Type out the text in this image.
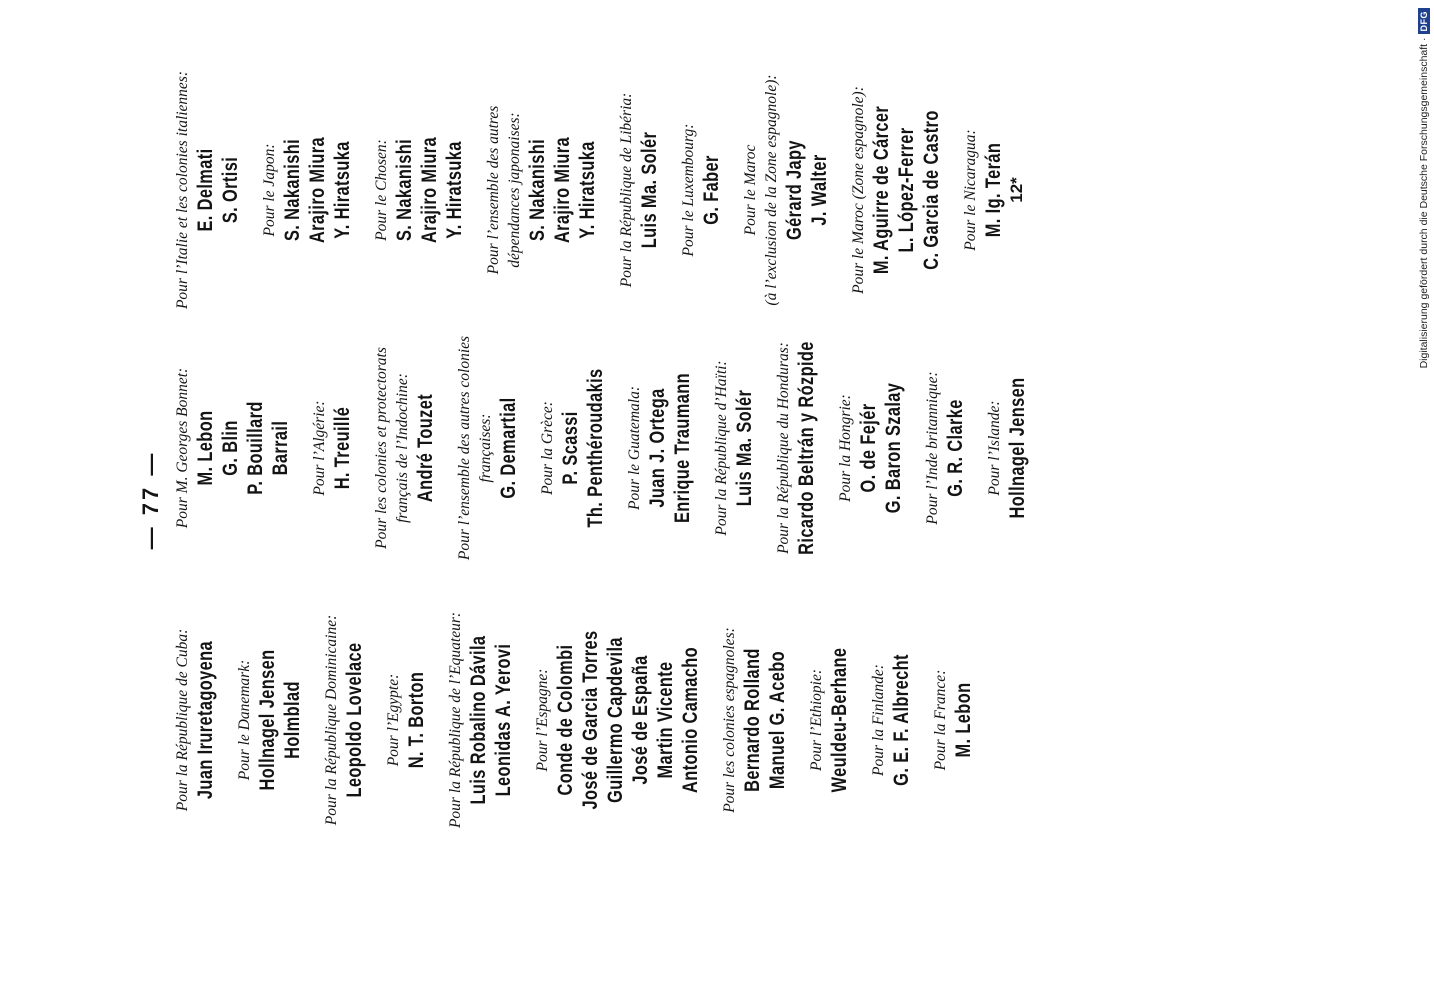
— 77 —
Pour la République de Cuba: Juan Iruretagoyena Pour le Danemark: Hollnagel Jensen Holmblad Pour la République Dominicaine: Leopoldo Lovelace Pour l’Egypte: N. T. Borton Pour la République de l’Equateur: Luis Robalino Dávila Leonidas A. Yerovi Pour l’Espagne: Conde de Colombi José de Garcia Torres Guillermo Capdevila José de España Martin Vicente Antonio Camacho Pour les colonies espagnoles: Bernardo Rolland Manuel G. Acebo Pour l’Ethiopie: Weuldeu-Berhane Pour la Finlande: G. E. F. Albrecht Pour la France: M. Lebon
Pour M. Georges Bonnet: M. Lebon G. Blin P. Bouillard Barrail Pour l’Algérie: H. Treuillé Pour les colonies et protectorats français de l’Indochine: André Touzet Pour l’ensemble des autres colonies françaises: G. Demartial Pour la Grèce: P. Scassi Th. Penthéroudakis Pour le Guatemala: Juan J. Ortega Enrique Traumann Pour la République d’Haïti: Luis Ma. Solér Pour la République du Honduras: Ricardo Beltrán y Rózpide Pour la Hongrie: O. de Fejér G. Baron Szalay Pour l’Inde britannique: G. R. Clarke Pour l’Islande: Hollnagel Jensen
Pour l’Italie et les colonies italiennes: E. Delmati S. Ortisi Pour le Japon: S. Nakanishi Arajiro Miura Y. Hiratsuka Pour le Chosen: S. Nakanishi Arajiro Miura Y. Hiratsuka Pour l’ensemble des autres dépendances japonaises: S. Nakanishi Arajiro Miura Y. Hiratsuka Pour la République de Libéria: Luis Ma. Solér Pour le Luxembourg: G. Faber Pour le Maroc (à l’exclusion de la Zone espagnole): Gérard Japy J. Walter Pour le Maroc (Zone espagnole): M. Aguirre de Cárcer L. López-Ferrer C. Garcia de Castro Pour le Nicaragua: M. Ig. Terán 12*	Digitalisierung gefördert durch die Deutsche Forschungsgemeinschaft ·
DFG
